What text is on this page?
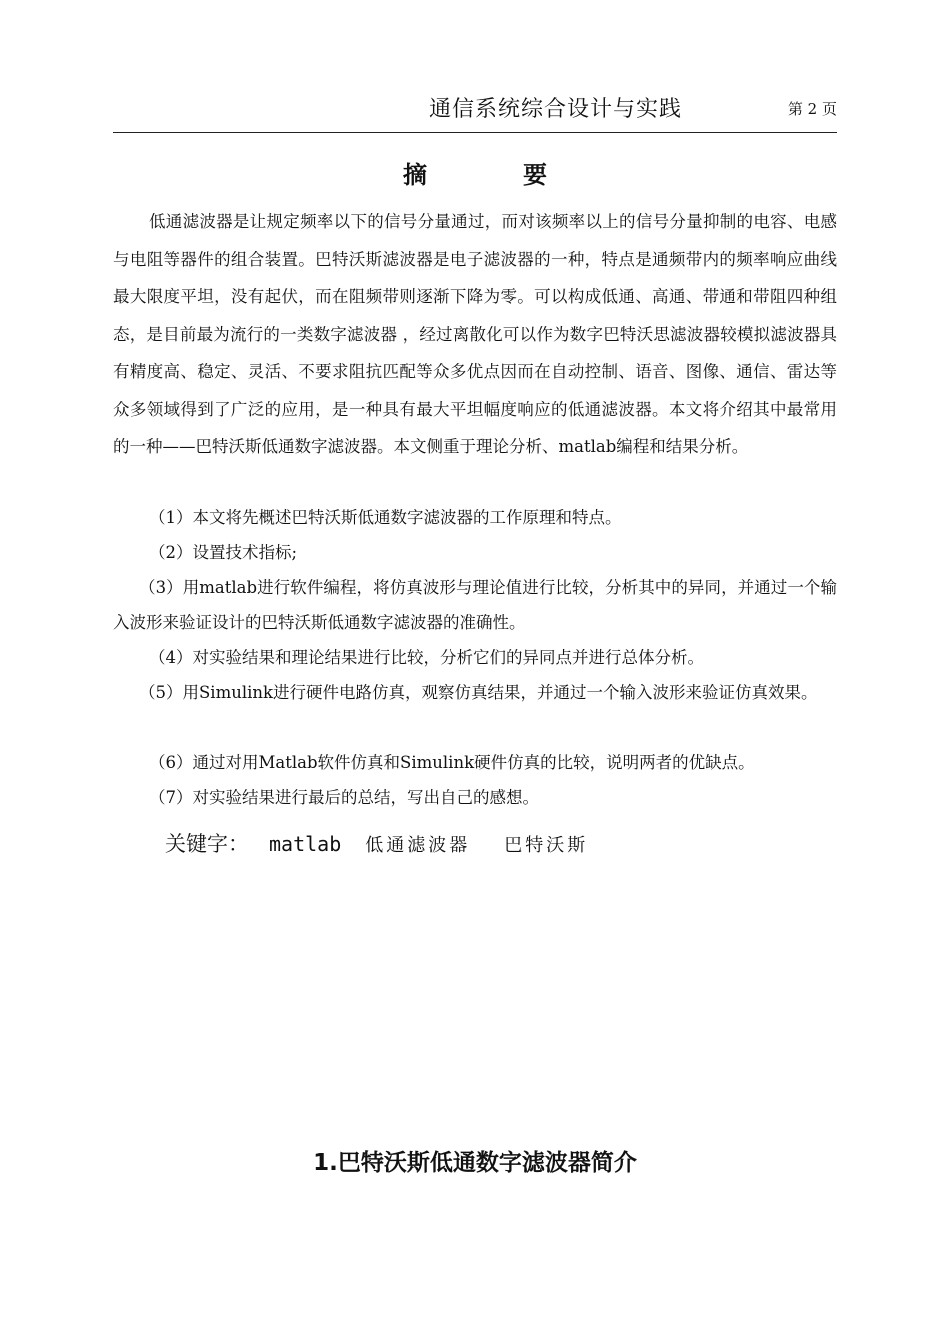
通信系统综合设计与实践	第 2 页
摘　要

低通滤波器是让规定频率以下的信号分量通过，而对该频率以上的信号分量抑制的电容、电感与电阻等器件的组合装置。巴特沃斯滤波器是电子滤波器的一种，特点是通频带内的频率响应曲线最大限度平坦，没有起伏，而在阻频带则逐渐下降为零。可以构成低通、高通、带通和带阻四种组态，是目前最为流行的一类数字滤波器 ，经过离散化可以作为数字巴特沃思滤波器较模拟滤波器具有精度高、稳定、灵活、不要求阻抗匹配等众多优点因而在自动控制、语音、图像、通信、雷达等众多领域得到了广泛的应用，是一种具有最大平坦幅度响应的低通滤波器。本文将介绍其中最常用的一种——巴特沃斯低通数字滤波器。本文侧重于理论分析、matlab编程和结果分析。

（1）本文将先概述巴特沃斯低通数字滤波器的工作原理和特点。

（2）设置技术指标;

（3）用matlab进行软件编程，将仿真波形与理论值进行比较，分析其中的异同，并通过一个输入波形来验证设计的巴特沃斯低通数字滤波器的准确性。

（4）对实验结果和理论结果进行比较，分析它们的异同点并进行总体分析。

（5）用Simulink进行硬件电路仿真，观察仿真结果，并通过一个输入波形来验证仿真效果。

（6）通过对用Matlab软件仿真和Simulink硬件仿真的比较，说明两者的优缺点。

（7）对实验结果进行最后的总结，写出自己的感想。

关键字： matlab 低通滤波器 巴特沃斯
1.巴特沃斯低通数字滤波器简介
